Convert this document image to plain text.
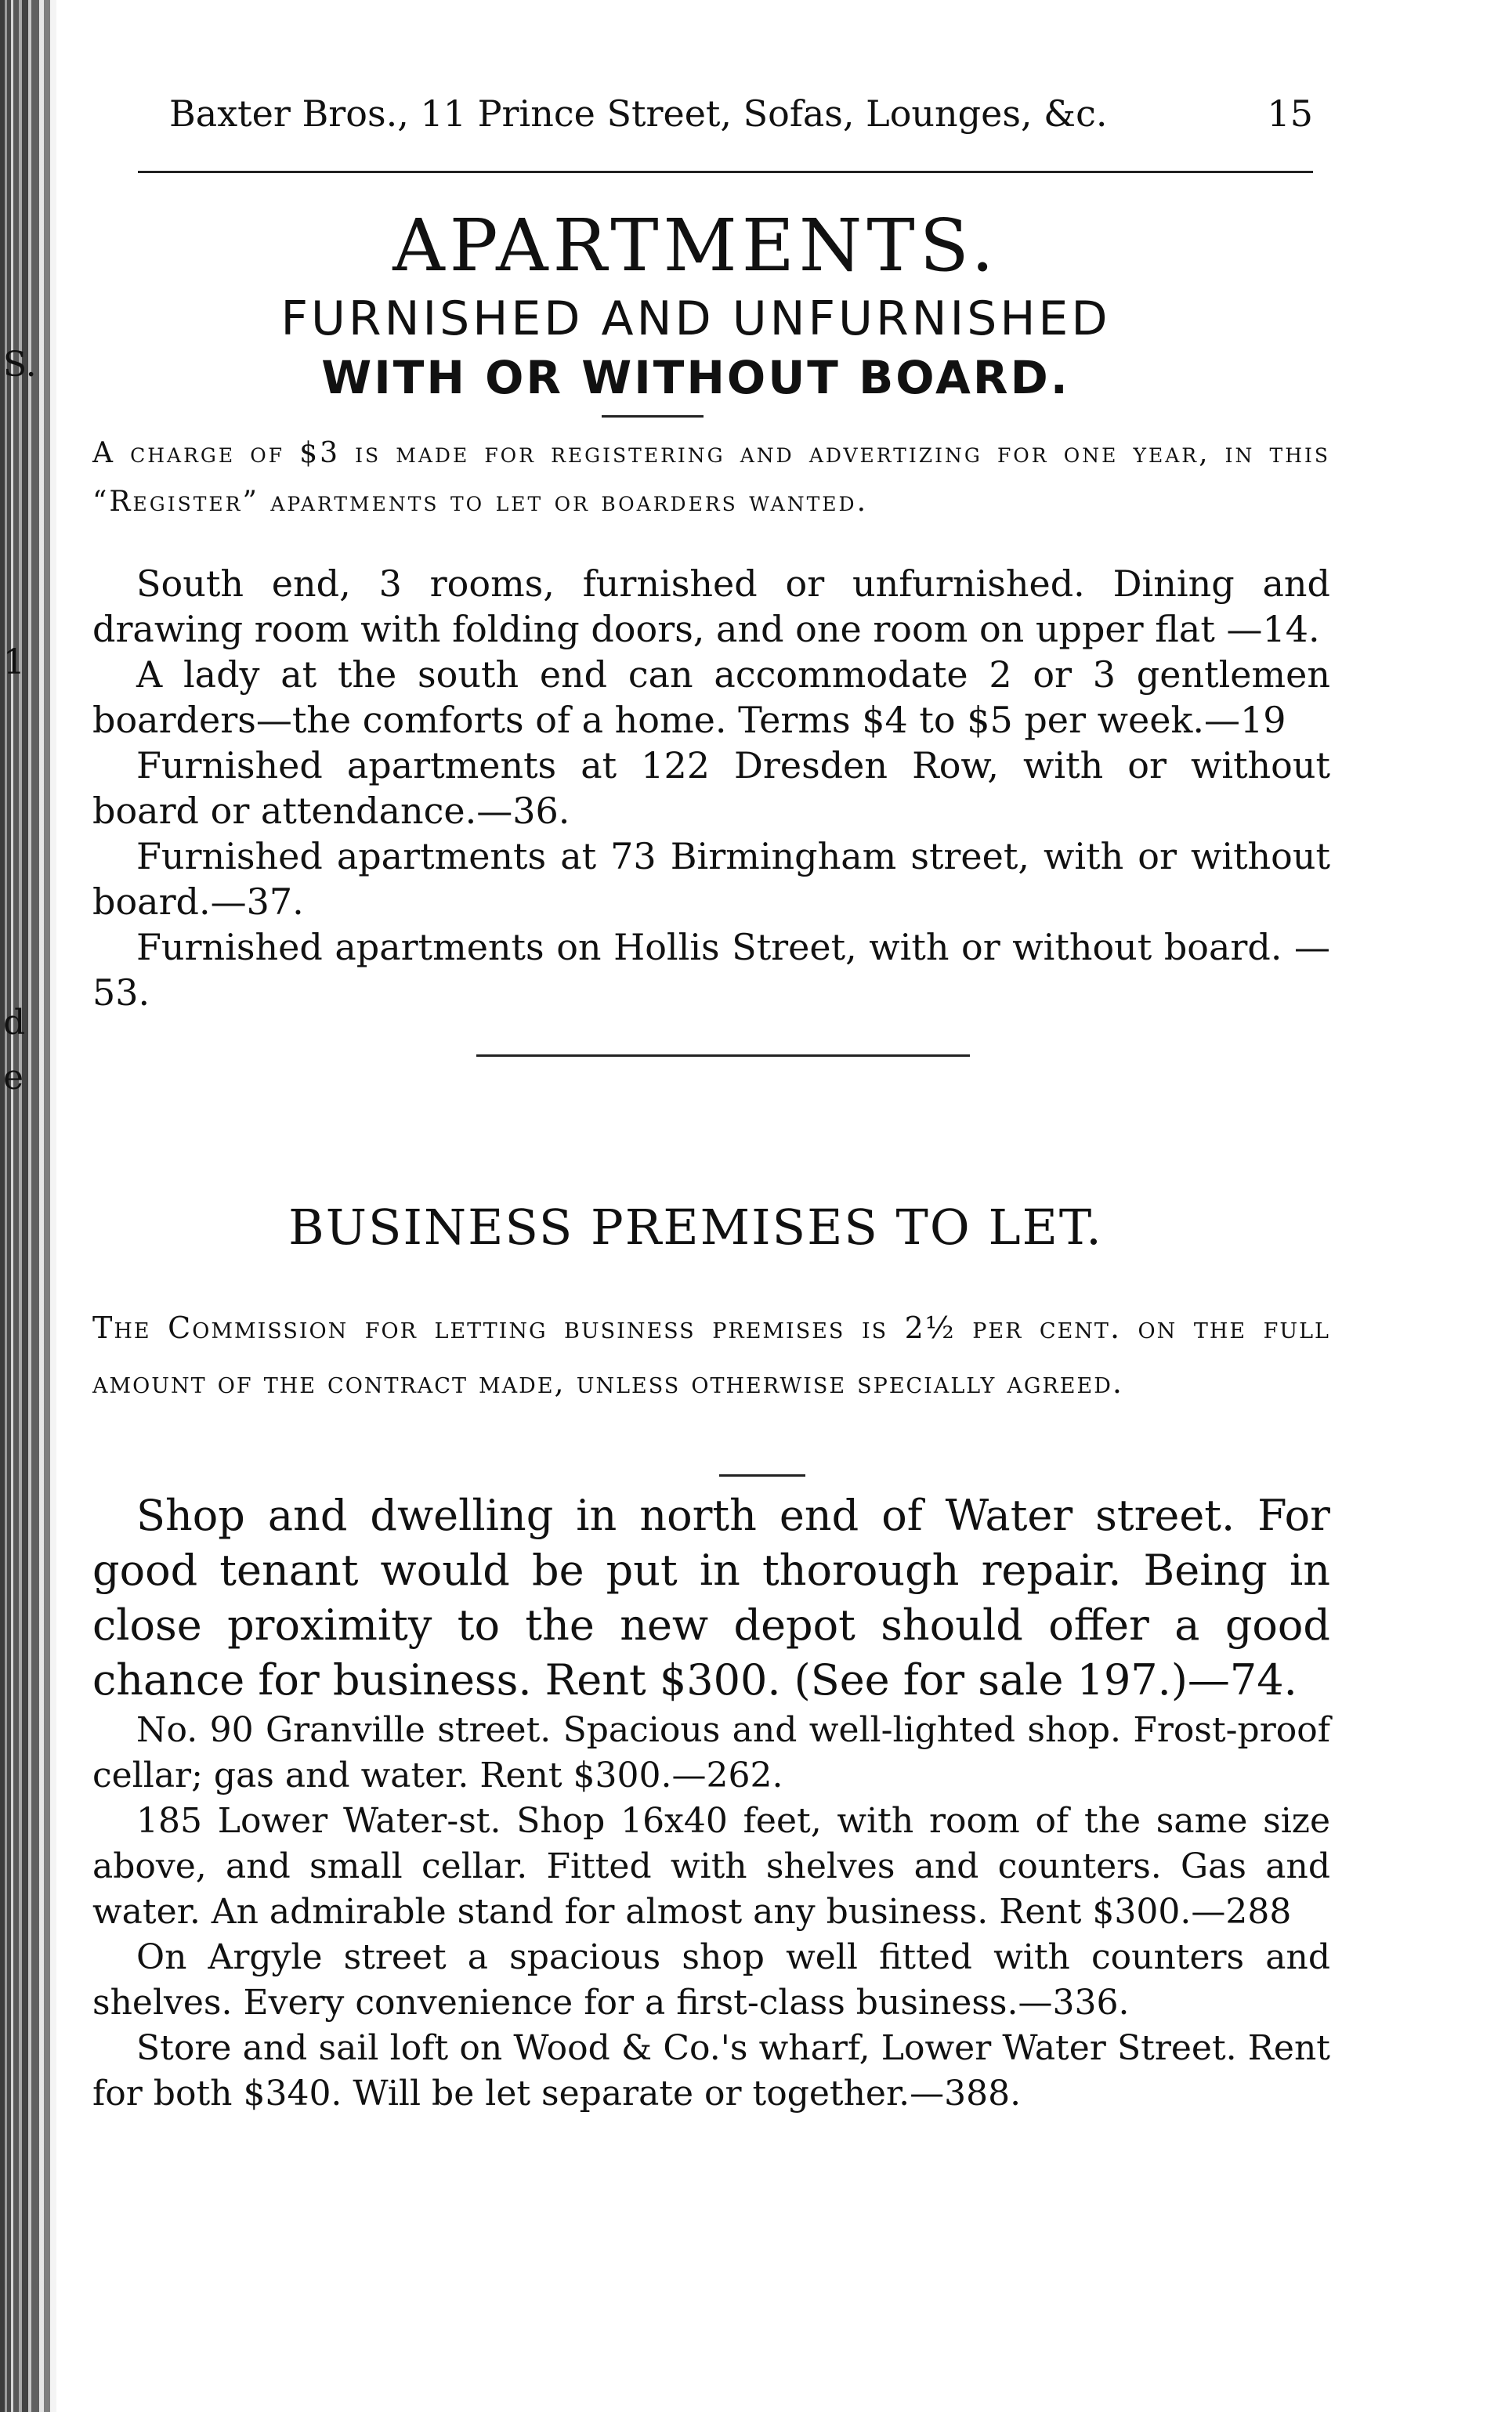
S.
1
d
e
Baxter Bros., 11 Prince Street, Sofas, Lounges, &c.	15
APARTMENTS.
FURNISHED AND UNFURNISHED
WITH OR WITHOUT BOARD.
A charge of $3 is made for registering and advertizing for one year, in this “Register” apartments to let or boarders wanted.

South end, 3 rooms, furnished or unfurnished. Dining and drawing room with folding doors, and one room on upper flat —14.

A lady at the south end can accommodate 2 or 3 gentlemen boarders—the comforts of a home. Terms $4 to $5 per week.—19

Furnished apartments at 122 Dresden Row, with or without board or attendance.—36.

Furnished apartments at 73 Birmingham street, with or without board.—37.

Furnished apartments on Hollis Street, with or without board. —53.

BUSINESS PREMISES TO LET.
The Commission for letting business premises is 2½ per cent. on the full amount of the contract made, unless otherwise specially agreed.

Shop and dwelling in north end of Water street. For good tenant would be put in thorough repair. Being in close proximity to the new depot should offer a good chance for business. Rent $300. (See for sale 197.)—74.

No. 90 Granville street. Spacious and well-lighted shop. Frost-proof cellar; gas and water. Rent $300.—262.

185 Lower Water-st. Shop 16x40 feet, with room of the same size above, and small cellar. Fitted with shelves and counters. Gas and water. An admirable stand for almost any business. Rent $300.—288

On Argyle street a spacious shop well fitted with counters and shelves. Every convenience for a first-class business.—336.

Store and sail loft on Wood & Co.'s wharf, Lower Water Street. Rent for both $340. Will be let separate or together.—388.
